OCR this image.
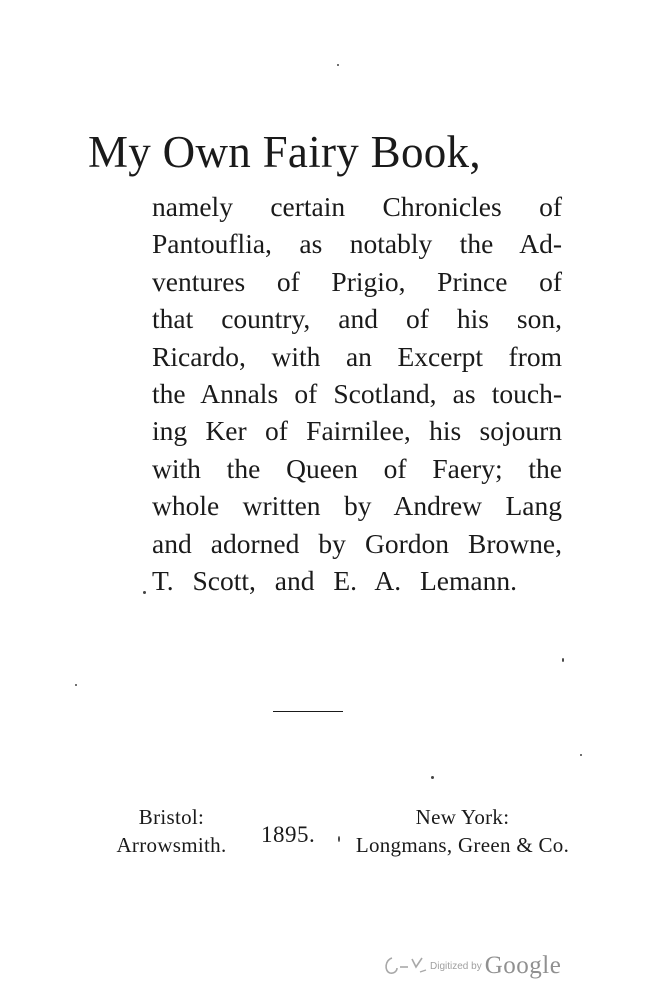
My Own Fairy Book,
namely certain Chronicles of
Pantouflia, as notably the Ad-
ventures of Prigio, Prince of
that country, and of his son,
Ricardo, with an Excerpt from
the Annals of Scotland, as touch-
ing Ker of Fairnilee, his sojourn
with the Queen of Faery; the
whole written by Andrew Lang
and adorned by Gordon Browne,
T. Scott, and E. A. Lemann.
Bristol:
Arrowsmith.	1895.
New York:
Longmans, Green & Co.
Digitized by Google
